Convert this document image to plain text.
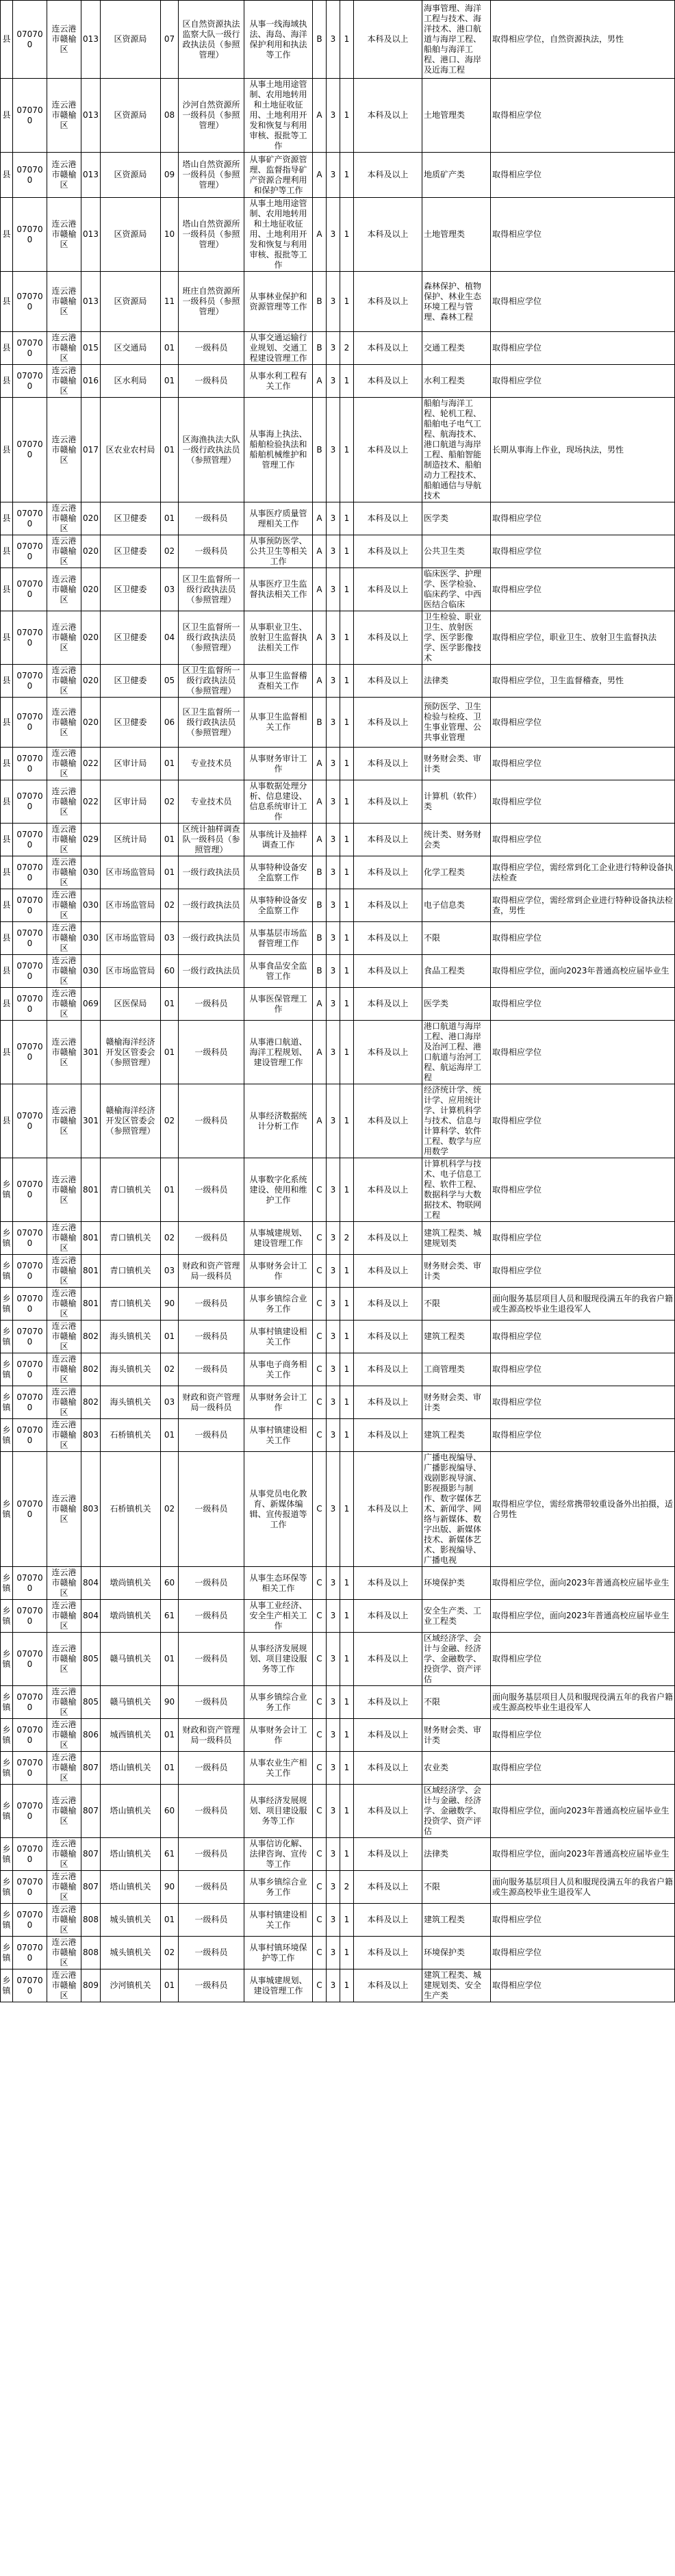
县	070700	连云港市赣榆区	013	区资源局	07	区自然资源执法监察大队一级行政执法员（参照管理）	从事一线海域执法、海岛、海洋保护利用和执法等工作	B	3	1	本科及以上	海事管理、海洋工程与技术、海洋技术、港口航道与海岸工程、船舶与海洋工程、港口、海岸及近海工程	取得相应学位，自然资源执法，男性
县	070700	连云港市赣榆区	013	区资源局	08	沙河自然资源所一级科员（参照管理）	从事土地用途管制、农用地转用和土地征收征用、土地利用开发和恢复与利用审核、报批等工作	A	3	1	本科及以上	土地管理类	取得相应学位
县	070700	连云港市赣榆区	013	区资源局	09	塔山自然资源所一级科员（参照管理）	从事矿产资源管理、监督指导矿产资源合理利用和保护等工作	A	3	1	本科及以上	地质矿产类	取得相应学位
县	070700	连云港市赣榆区	013	区资源局	10	塔山自然资源所一级科员（参照管理）	从事土地用途管制、农用地转用和土地征收征用、土地利用开发和恢复与利用审核、报批等工作	A	3	1	本科及以上	土地管理类	取得相应学位
县	070700	连云港市赣榆区	013	区资源局	11	班庄自然资源所一级科员（参照管理）	从事林业保护和资源管理等工作	B	3	1	本科及以上	森林保护、植物保护、林业生态环境工程与管理、森林工程	取得相应学位
县	070700	连云港市赣榆区	015	区交通局	01	一级科员	从事交通运输行业规划、交通工程建设管理工作	B	3	2	本科及以上	交通工程类	取得相应学位
县	070700	连云港市赣榆区	016	区水利局	01	一级科员	从事水利工程有关工作	A	3	1	本科及以上	水利工程类	取得相应学位
县	070700	连云港市赣榆区	017	区农业农村局	01	区海渔执法大队一级行政执法员（参照管理）	从事海上执法、船舶检验执法和船舶机械维护和管理工作	B	3	1	本科及以上	船舶与海洋工程、轮机工程、船舶电子电气工程、航海技术、港口航道与海岸工程、船舶智能制造技术、船舶动力工程技术、船舶通信与导航技术	长期从事海上作业，现场执法，男性
县	070700	连云港市赣榆区	020	区卫健委	01	一级科员	从事医疗质量管理相关工作	A	3	1	本科及以上	医学类	取得相应学位
县	070700	连云港市赣榆区	020	区卫健委	02	一级科员	从事预防医学、公共卫生等相关工作	A	3	1	本科及以上	公共卫生类	取得相应学位
县	070700	连云港市赣榆区	020	区卫健委	03	区卫生监督所一级行政执法员（参照管理）	从事医疗卫生监督执法相关工作	A	3	1	本科及以上	临床医学、护理学、医学检验、临床药学、中西医结合临床	取得相应学位
县	070700	连云港市赣榆区	020	区卫健委	04	区卫生监督所一级行政执法员（参照管理）	从事职业卫生、放射卫生监督执法相关工作	A	3	1	本科及以上	卫生检验、职业卫生、放射医学、医学影像学、医学影像技术	取得相应学位，职业卫生、放射卫生监督执法
县	070700	连云港市赣榆区	020	区卫健委	05	区卫生监督所一级行政执法员（参照管理）	从事卫生监督稽查相关工作	A	3	1	本科及以上	法律类	取得相应学位，卫生监督稽查，男性
县	070700	连云港市赣榆区	020	区卫健委	06	区卫生监督所一级行政执法员（参照管理）	从事卫生监督相关工作	B	3	1	本科及以上	预防医学、卫生检验与检疫、卫生事业管理、公共事业管理	取得相应学位
县	070700	连云港市赣榆区	022	区审计局	01	专业技术员	从事财务审计工作	A	3	1	本科及以上	财务财会类、审计类	取得相应学位
县	070700	连云港市赣榆区	022	区审计局	02	专业技术员	从事数据处理分析、信息建设、信息系统审计工作	A	3	1	本科及以上	计算机（软件）类	取得相应学位
县	070700	连云港市赣榆区	029	区统计局	01	区统计抽样调查队一级科员（参照管理）	从事统计及抽样调查工作	A	3	1	本科及以上	统计类、财务财会类	取得相应学位
县	070700	连云港市赣榆区	030	区市场监管局	01	一级行政执法员	从事特种设备安全监察工作	B	3	1	本科及以上	化学工程类	取得相应学位，需经常到化工企业进行特种设备执法检查
县	070700	连云港市赣榆区	030	区市场监管局	02	一级行政执法员	从事特种设备安全监察工作	B	3	1	本科及以上	电子信息类	取得相应学位，需经常到企业进行特种设备执法检查，男性
县	070700	连云港市赣榆区	030	区市场监管局	03	一级行政执法员	从事基层市场监督管理工作	B	3	1	本科及以上	不限	取得相应学位
县	070700	连云港市赣榆区	030	区市场监管局	60	一级行政执法员	从事食品安全监管工作	B	3	1	本科及以上	食品工程类	取得相应学位，面向2023年普通高校应届毕业生
县	070700	连云港市赣榆区	069	区医保局	01	一级科员	从事医保管理工作	A	3	1	本科及以上	医学类	取得相应学位
县	070700	连云港市赣榆区	301	赣榆海洋经济开发区管委会（参照管理）	01	一级科员	从事港口航道、海洋工程规划、建设管理工作	A	3	1	本科及以上	港口航道与海岸工程、港口海岸及治河工程、港口航道与治河工程、航运海岸工程	取得相应学位
县	070700	连云港市赣榆区	301	赣榆海洋经济开发区管委会（参照管理）	02	一级科员	从事经济数据统计分析工作	A	3	1	本科及以上	经济统计学、统计学、应用统计学、计算机科学与技术、信息与计算科学、软件工程、数学与应用数学	取得相应学位
乡镇	070700	连云港市赣榆区	801	青口镇机关	01	一级科员	从事数字化系统建设、使用和维护工作	C	3	1	本科及以上	计算机科学与技术、电子信息工程、软件工程、数据科学与大数据技术、物联网工程	取得相应学位
乡镇	070700	连云港市赣榆区	801	青口镇机关	02	一级科员	从事城建规划、建设管理工作	C	3	2	本科及以上	建筑工程类、城建规划类	取得相应学位
乡镇	070700	连云港市赣榆区	801	青口镇机关	03	财政和资产管理局一级科员	从事财务会计工作	C	3	1	本科及以上	财务财会类、审计类	取得相应学位
乡镇	070700	连云港市赣榆区	801	青口镇机关	90	一级科员	从事乡镇综合业务工作	C	3	1	本科及以上	不限	面向服务基层项目人员和服现役满五年的我省户籍或生源高校毕业生退役军人
乡镇	070700	连云港市赣榆区	802	海头镇机关	01	一级科员	从事村镇建设相关工作	C	3	1	本科及以上	建筑工程类	取得相应学位
乡镇	070700	连云港市赣榆区	802	海头镇机关	02	一级科员	从事电子商务相关工作	C	3	1	本科及以上	工商管理类	取得相应学位
乡镇	070700	连云港市赣榆区	802	海头镇机关	03	财政和资产管理局一级科员	从事财务会计工作	C	3	1	本科及以上	财务财会类、审计类	取得相应学位
乡镇	070700	连云港市赣榆区	803	石桥镇机关	01	一级科员	从事村镇建设相关工作	C	3	1	本科及以上	建筑工程类	取得相应学位
乡镇	070700	连云港市赣榆区	803	石桥镇机关	02	一级科员	从事党员电化教育、新媒体编辑、宣传报道等工作	C	3	1	本科及以上	广播电视编导、广播影视编导、戏剧影视导演、影视摄影与制作、数字媒体艺术、新闻学、网络与新媒体、数字出版、新媒体技术、新媒体艺术、影视编导、广播电视	取得相应学位，需经常携带较重设备外出拍摄，适合男性
乡镇	070700	连云港市赣榆区	804	墩尚镇机关	60	一级科员	从事生态环保等相关工作	C	3	1	本科及以上	环境保护类	取得相应学位，面向2023年普通高校应届毕业生
乡镇	070700	连云港市赣榆区	804	墩尚镇机关	61	一级科员	从事工业经济、安全生产相关工作	C	3	1	本科及以上	安全生产类、工业工程类	取得相应学位，面向2023年普通高校应届毕业生
乡镇	070700	连云港市赣榆区	805	赣马镇机关	01	一级科员	从事经济发展规划、项目建设服务等工作	C	3	1	本科及以上	区域经济学、会计与金融、经济学、金融数学、投资学、资产评估	取得相应学位
乡镇	070700	连云港市赣榆区	805	赣马镇机关	90	一级科员	从事乡镇综合业务工作	C	3	1	本科及以上	不限	面向服务基层项目人员和服现役满五年的我省户籍或生源高校毕业生退役军人
乡镇	070700	连云港市赣榆区	806	城西镇机关	01	财政和资产管理局一级科员	从事财务会计工作	C	3	1	本科及以上	财务财会类、审计类	取得相应学位
乡镇	070700	连云港市赣榆区	807	塔山镇机关	01	一级科员	从事农业生产相关工作	C	3	1	本科及以上	农业类	取得相应学位
乡镇	070700	连云港市赣榆区	807	塔山镇机关	60	一级科员	从事经济发展规划、项目建设服务等工作	C	3	1	本科及以上	区域经济学、会计与金融、经济学、金融数学、投资学、资产评估	取得相应学位，面向2023年普通高校应届毕业生
乡镇	070700	连云港市赣榆区	807	塔山镇机关	61	一级科员	从事信访化解、法律咨询、宣传等工作	C	3	1	本科及以上	法律类	取得相应学位，面向2023年普通高校应届毕业生
乡镇	070700	连云港市赣榆区	807	塔山镇机关	90	一级科员	从事乡镇综合业务工作	C	3	2	本科及以上	不限	面向服务基层项目人员和服现役满五年的我省户籍或生源高校毕业生退役军人
乡镇	070700	连云港市赣榆区	808	城头镇机关	01	一级科员	从事村镇建设相关工作	C	3	1	本科及以上	建筑工程类	取得相应学位
乡镇	070700	连云港市赣榆区	808	城头镇机关	02	一级科员	从事村镇环境保护等工作	C	3	1	本科及以上	环境保护类	取得相应学位
乡镇	070700	连云港市赣榆区	809	沙河镇机关	01	一级科员	从事城建规划、建设管理工作	C	3	1	本科及以上	建筑工程类、城建规划类、安全生产类	取得相应学位
